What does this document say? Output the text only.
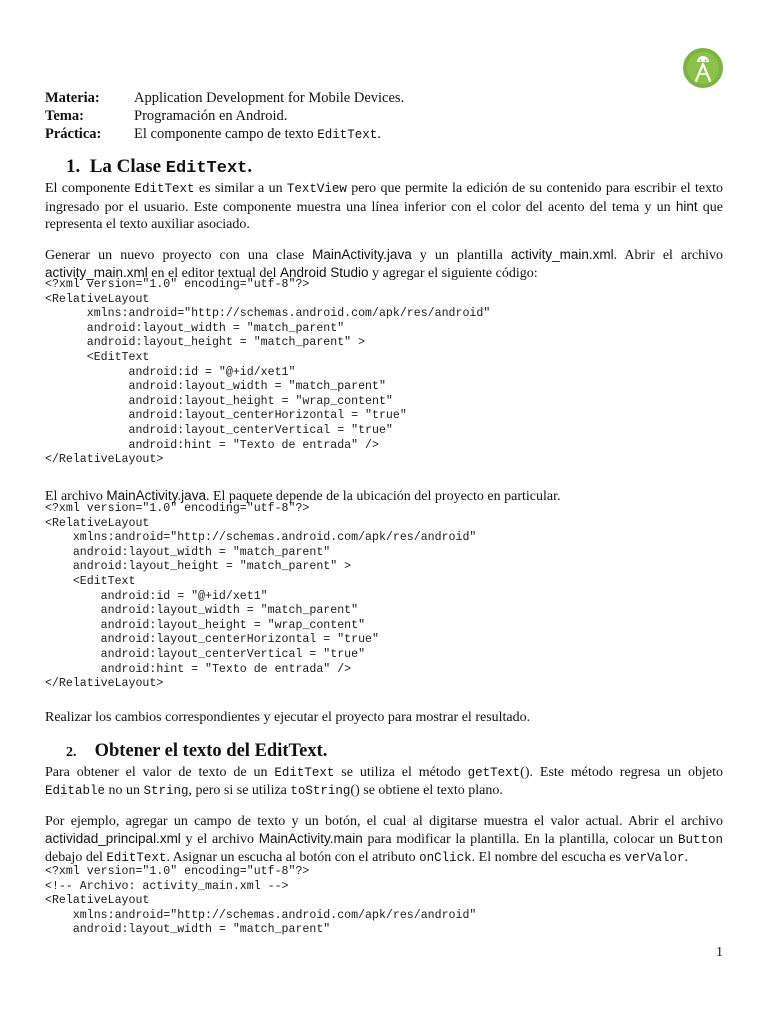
Materia:	Application Development for Mobile Devices.
Tema:	Programación en Android.
Práctica:	El componente campo de texto EditText.
1. La Clase EditText.
El componente EditText es similar a un TextView pero que permite la edición de su contenido para escribir el texto ingresado por el usuario. Este componente muestra una línea inferior con el color del acento del tema y un hint que representa el texto auxiliar asociado.
Generar un nuevo proyecto con una clase MainActivity.java y un plantilla activity_main.xml. Abrir el archivo activity_main.xml en el editor textual del Android Studio y agregar el siguiente código:
<?xml version="1.0" encoding="utf-8"?>
<RelativeLayout
xmlns:android="http://schemas.android.com/apk/res/android"
android:layout_width = "match_parent"
android:layout_height = "match_parent" >
<EditText
android:id = "@+id/xet1"
android:layout_width = "match_parent"
android:layout_height = "wrap_content"
android:layout_centerHorizontal = "true"
android:layout_centerVertical = "true"
android:hint = "Texto de entrada" />
</RelativeLayout>
El archivo MainActivity.java. El paquete depende de la ubicación del proyecto en particular.
<?xml version="1.0" encoding="utf-8"?>
<RelativeLayout
xmlns:android="http://schemas.android.com/apk/res/android"
android:layout_width = "match_parent"
android:layout_height = "match_parent" >
<EditText
android:id = "@+id/xet1"
android:layout_width = "match_parent"
android:layout_height = "wrap_content"
android:layout_centerHorizontal = "true"
android:layout_centerVertical = "true"
android:hint = "Texto de entrada" />
</RelativeLayout>
Realizar los cambios correspondientes y ejecutar el proyecto para mostrar el resultado.
2. Obtener el texto del EditText.
Para obtener el valor de texto de un EditText se utiliza el método getText(). Este método regresa un objeto Editable no un String, pero si se utiliza toString() se obtiene el texto plano.
Por ejemplo, agregar un campo de texto y un botón, el cual al digitarse muestra el valor actual. Abrir el archivo actividad_principal.xml y el archivo MainActivity.main para modificar la plantilla. En la plantilla, colocar un Button debajo del EditText. Asignar un escucha al botón con el atributo onClick. El nombre del escucha es verValor.
<?xml version="1.0" encoding="utf-8"?>
<!-- Archivo: activity_main.xml -->
<RelativeLayout
xmlns:android="http://schemas.android.com/apk/res/android"
android:layout_width = "match_parent"
1
